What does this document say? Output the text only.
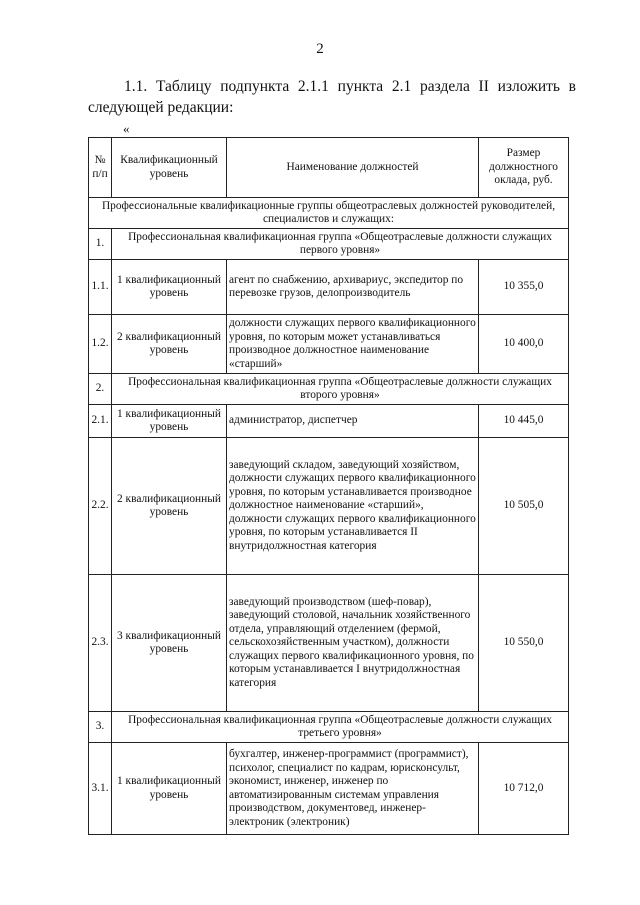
2
1.1. Таблицу подпункта 2.1.1 пункта 2.1 раздела II изложить в следующей редакции:
«
№ п/п	Квалификационный уровень	Наименование должностей	Размер должностного оклада, руб.
Профессиональные квалификационные группы общеотраслевых должностей руководителей, специалистов и служащих:			
1.	Профессиональная квалификационная группа «Общеотраслевые должности служащих первого уровня»		
1.1.	1 квалификационный уровень	агент по снабжению, архивариус, экспедитор по перевозке грузов, делопроизводитель	10 355,0
1.2.	2 квалификационный уровень	должности служащих первого квалификационного уровня, по которым может устанавливаться производное должностное наименование «старший»	10 400,0
2.	Профессиональная квалификационная группа «Общеотраслевые должности служащих второго уровня»		
2.1.	1 квалификационный уровень	администратор, диспетчер	10 445,0
2.2.	2 квалификационный уровень	заведующий складом, заведующий хозяйством, должности служащих первого квалификационного уровня, по которым устанавливается производное должностное наименование «старший», должности служащих первого квалификационного уровня, по которым устанавливается II внутридолжностная категория	10 505,0
2.3.	3 квалификационный уровень	заведующий производством (шеф-повар), заведующий столовой, начальник хозяйственного отдела, управляющий отделением (фермой, сельскохозяйственным участком), должности служащих первого квалификационного уровня, по которым устанавливается I внутридолжностная категория	10 550,0
3.	Профессиональная квалификационная группа «Общеотраслевые должности служащих третьего уровня»		
3.1.	1 квалификационный уровень	бухгалтер, инженер-программист (программист), психолог, специалист по кадрам, юрисконсульт, экономист, инженер, инженер по автоматизированным системам управления производством, документовед, инженер-электроник (электроник)	10 712,0
